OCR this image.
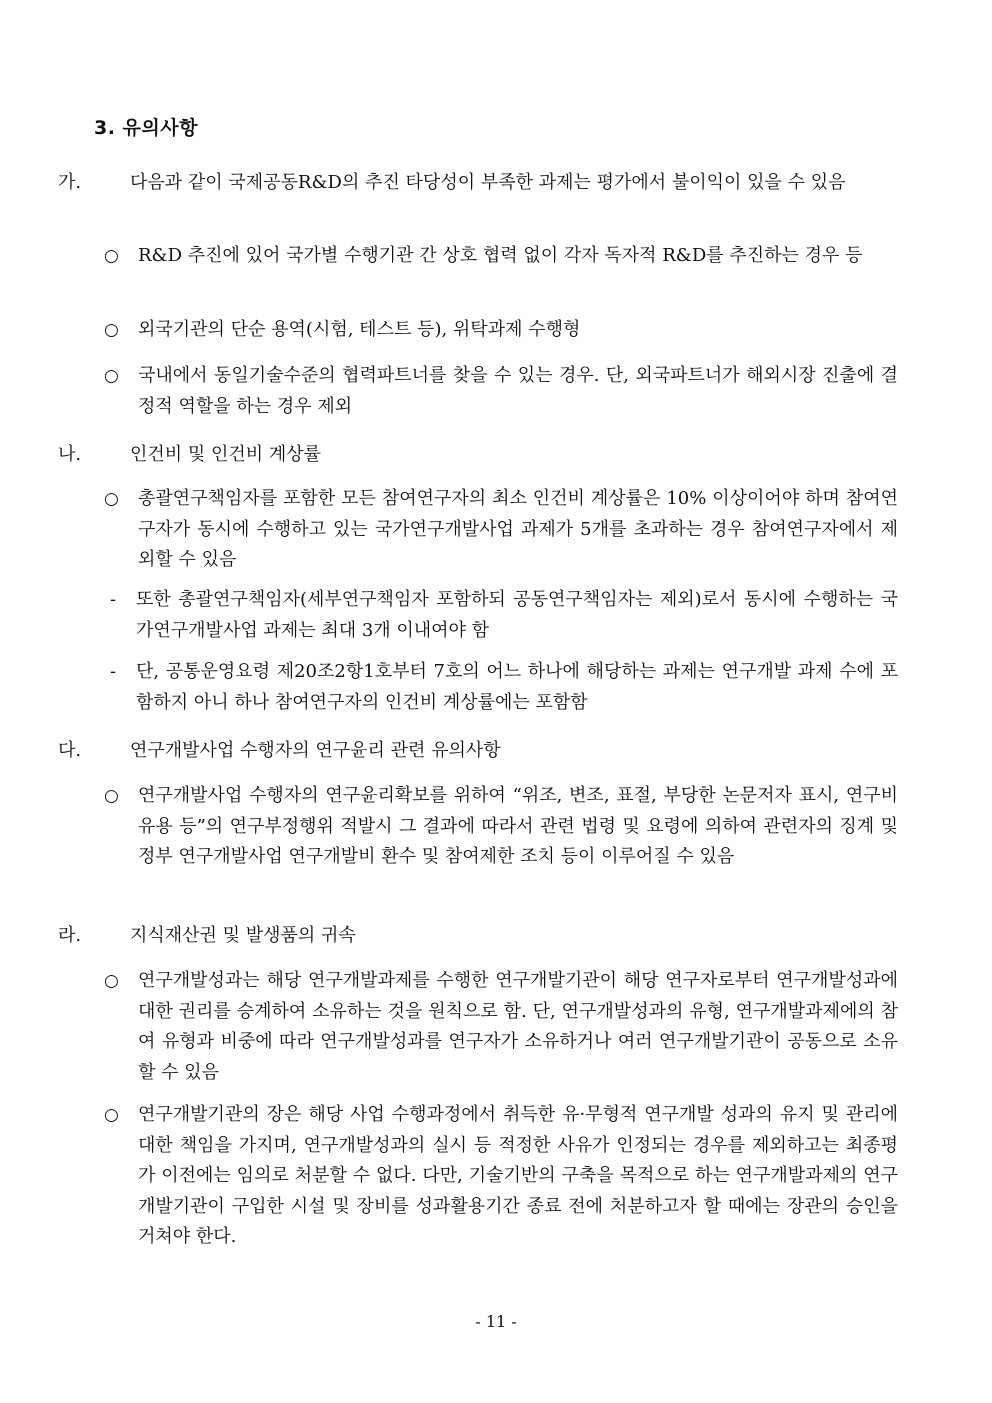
3. 유의사항
가.	다음과 같이 국제공동R&D의 추진 타당성이 부족한 과제는 평가에서 불이익이 있을 수 있음
○ R&D 추진에 있어 국가별 수행기관 간 상호 협력 없이 각자 독자적 R&D를 추진하는 경우 등
○ 외국기관의 단순 용역(시험, 테스트 등), 위탁과제 수행형
○ 국내에서 동일기술수준의 협력파트너를 찾을 수 있는 경우. 단, 외국파트너가 해외시장 진출에 결정적 역할을 하는 경우 제외
나.	인건비 및 인건비 계상률
○ 총괄연구책임자를 포함한 모든 참여연구자의 최소 인건비 계상률은 10% 이상이어야 하며 참여연구자가 동시에 수행하고 있는 국가연구개발사업 과제가 5개를 초과하는 경우 참여연구자에서 제외할 수 있음
- 또한 총괄연구책임자(세부연구책임자 포함하되 공동연구책임자는 제외)로서 동시에 수행하는 국가연구개발사업 과제는 최대 3개 이내여야 함
- 단, 공통운영요령 제20조2항1호부터 7호의 어느 하나에 해당하는 과제는 연구개발 과제 수에 포함하지 아니 하나 참여연구자의 인건비 계상률에는 포함함
다.	연구개발사업 수행자의 연구윤리 관련 유의사항
○ 연구개발사업 수행자의 연구윤리확보를 위하여 “위조, 변조, 표절, 부당한 논문저자 표시, 연구비 유용 등”의 연구부정행위 적발시 그 결과에 따라서 관련 법령 및 요령에 의하여 관련자의 징계 및 정부 연구개발사업 연구개발비 환수 및 참여제한 조치 등이 이루어질 수 있음
라.	지식재산권 및 발생품의 귀속
○ 연구개발성과는 해당 연구개발과제를 수행한 연구개발기관이 해당 연구자로부터 연구개발성과에 대한 권리를 승계하여 소유하는 것을 원칙으로 함. 단, 연구개발성과의 유형, 연구개발과제에의 참여 유형과 비중에 따라 연구개발성과를 연구자가 소유하거나 여러 연구개발기관이 공동으로 소유할 수 있음
○ 연구개발기관의 장은 해당 사업 수행과정에서 취득한 유·무형적 연구개발 성과의 유지 및 관리에 대한 책임을 가지며, 연구개발성과의 실시 등 적정한 사유가 인정되는 경우를 제외하고는 최종평가 이전에는 임의로 처분할 수 없다. 다만, 기술기반의 구축을 목적으로 하는 연구개발과제의 연구개발기관이 구입한 시설 및 장비를 성과활용기간 종료 전에 처분하고자 할 때에는 장관의 승인을 거쳐야 한다.
- 11 -
